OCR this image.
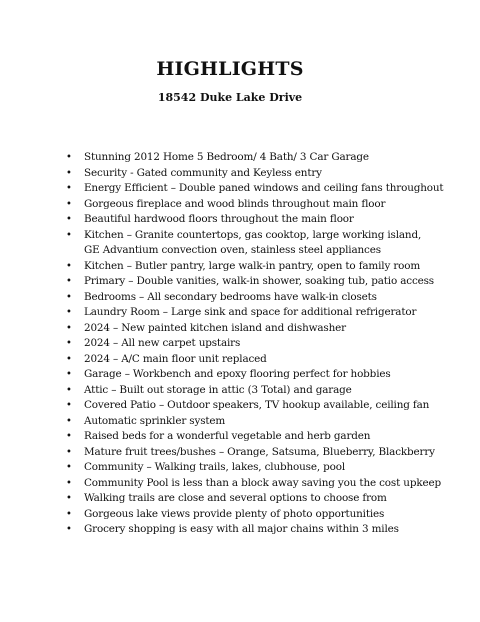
HIGHLIGHTS
18542 Duke Lake Drive
• Stunning 2012 Home 5 Bedroom/ 4 Bath/ 3 Car Garage
• Security - Gated community and Keyless entry
• Energy Efficient – Double paned windows and ceiling fans throughout
• Gorgeous fireplace and wood blinds throughout main floor
• Beautiful hardwood floors throughout the main floor
• Kitchen – Granite countertops, gas cooktop, large working island, GE Advantium convection oven, stainless steel appliances
• Kitchen – Butler pantry, large walk-in pantry, open to family room
• Primary – Double vanities, walk-in shower, soaking tub, patio access
• Bedrooms – All secondary bedrooms have walk-in closets
• Laundry Room – Large sink and space for additional refrigerator
• 2024 – New painted kitchen island and dishwasher
• 2024 – All new carpet upstairs
• 2024 – A/C main floor unit replaced
• Garage – Workbench and epoxy flooring perfect for hobbies
• Attic – Built out storage in attic (3 Total) and garage
• Covered Patio – Outdoor speakers, TV hookup available, ceiling fan
• Automatic sprinkler system
• Raised beds for a wonderful vegetable and herb garden
• Mature fruit trees/bushes – Orange, Satsuma, Blueberry, Blackberry
• Community – Walking trails, lakes, clubhouse, pool
• Community Pool is less than a block away saving you the cost upkeep
• Walking trails are close and several options to choose from
• Gorgeous lake views provide plenty of photo opportunities
• Grocery shopping is easy with all major chains within 3 miles
